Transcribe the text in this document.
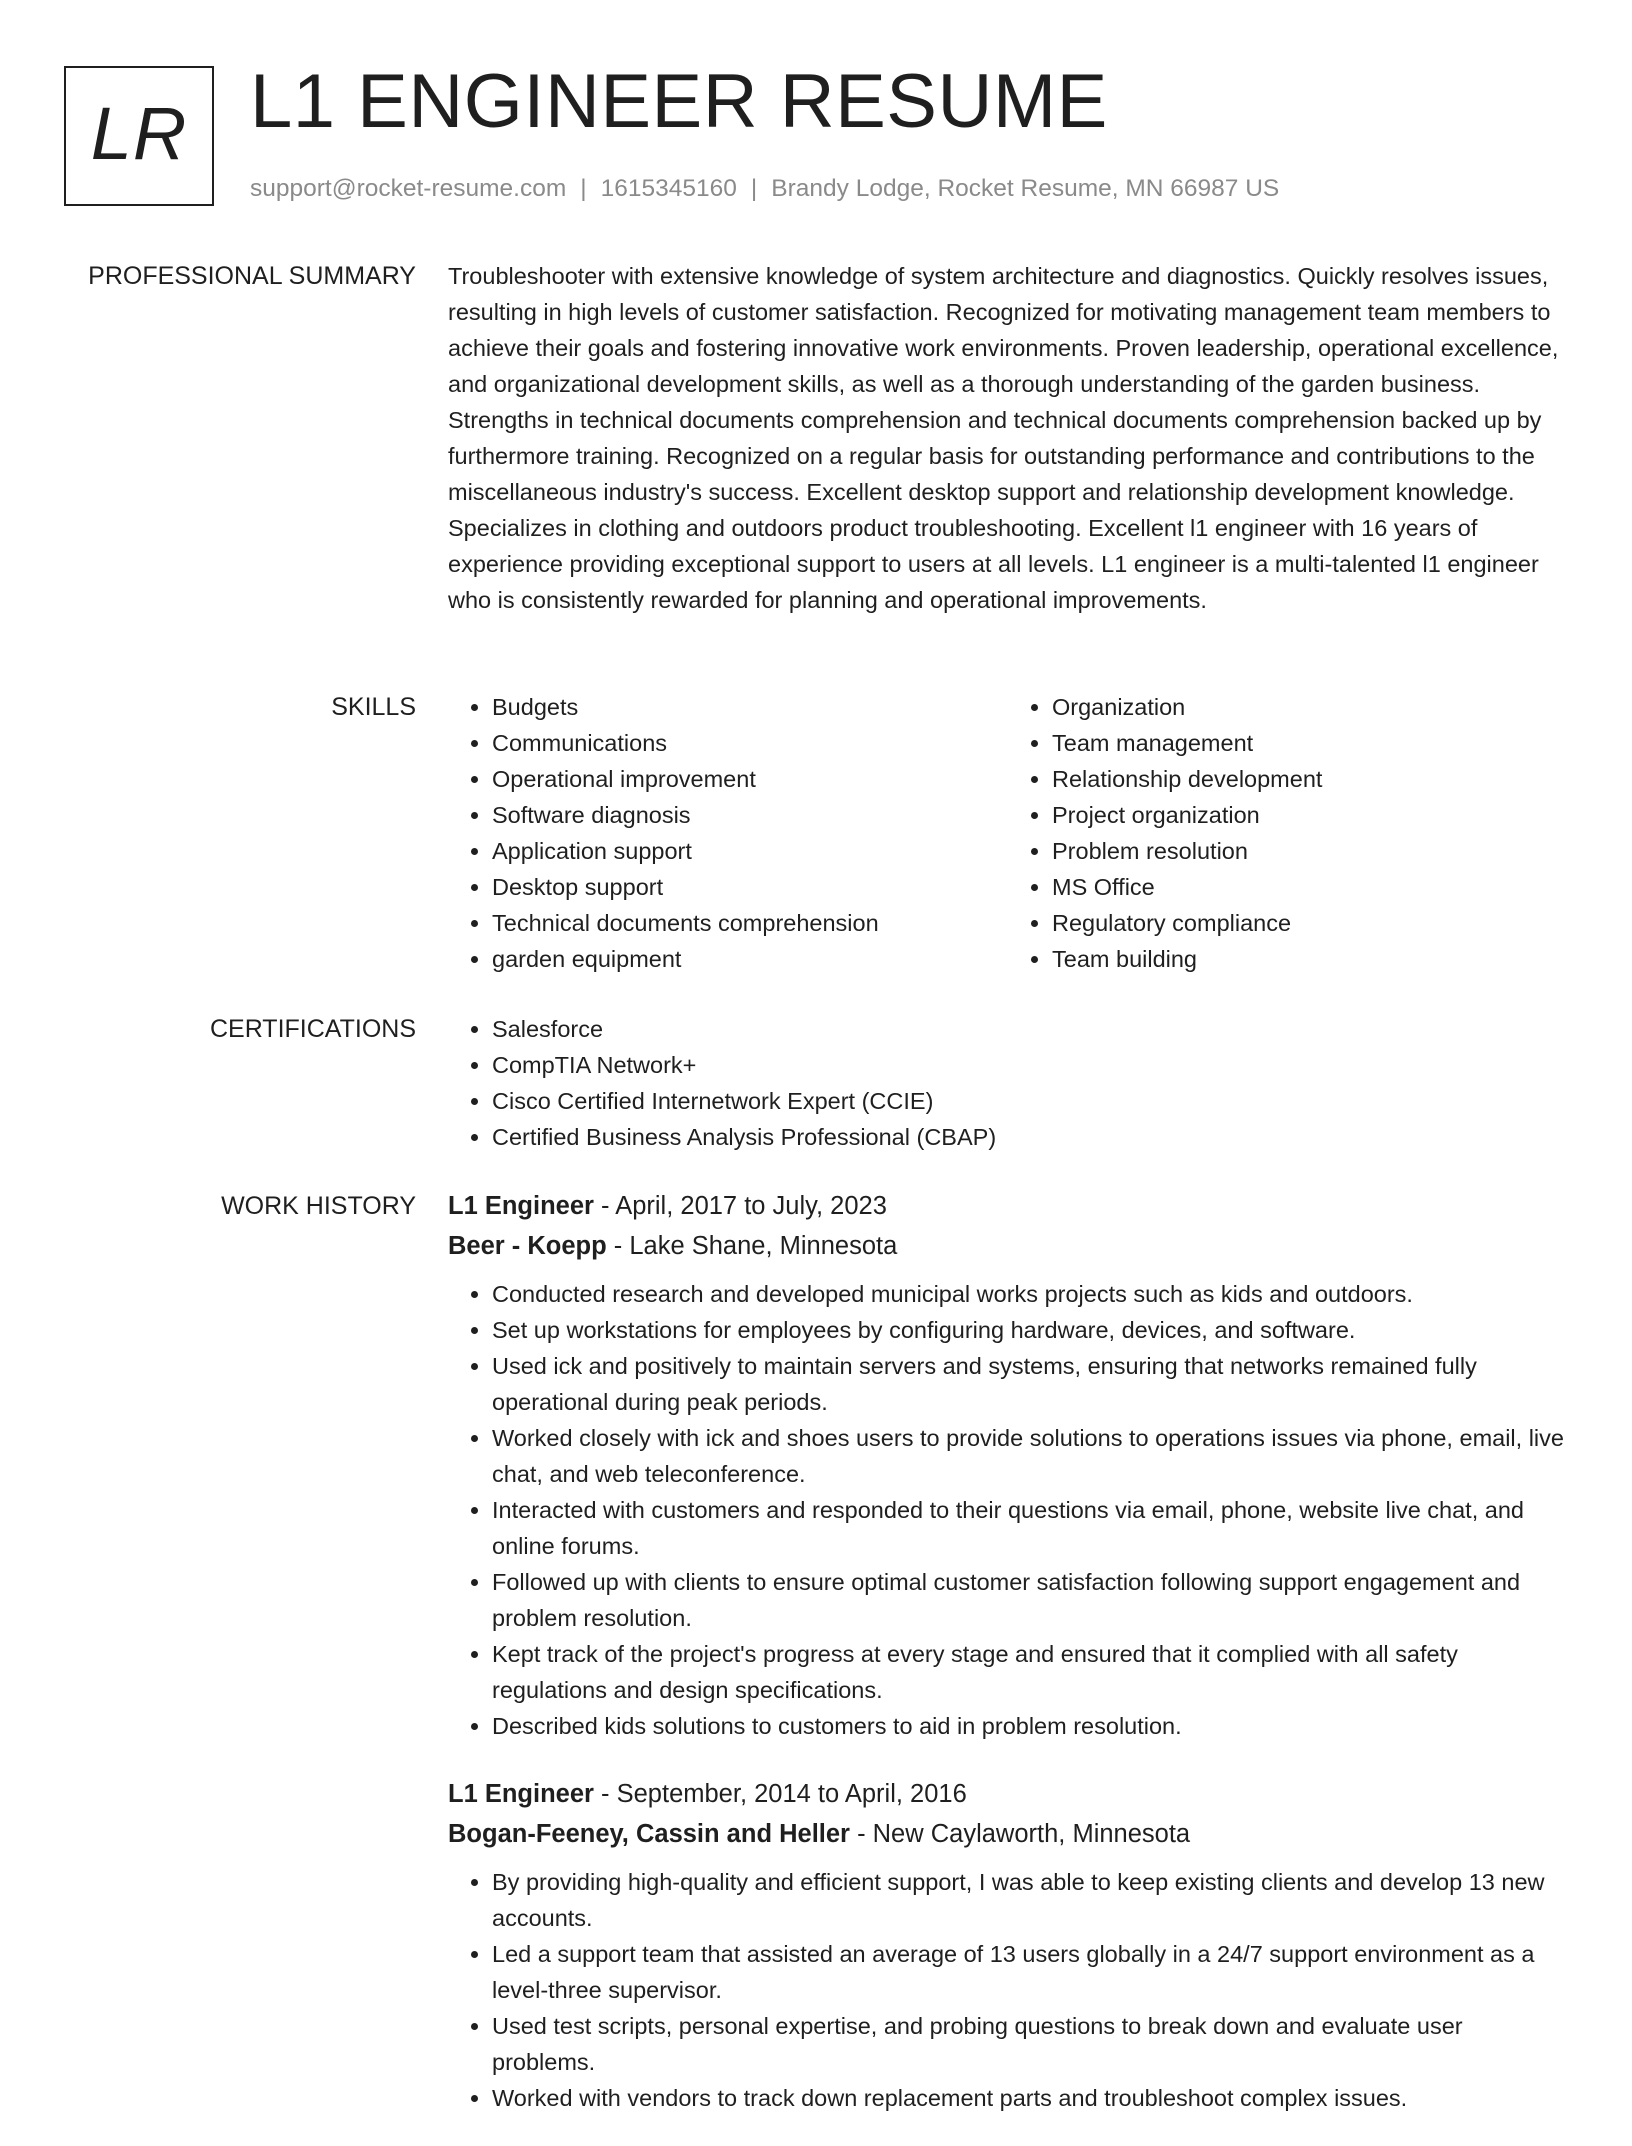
LR L1 ENGINEER RESUME
support@rocket-resume.com | 1615345160 | Brandy Lodge, Rocket Resume, MN 66987 US
PROFESSIONAL SUMMARY Troubleshooter with extensive knowledge of system architecture and diagnostics. Quickly resolves issues, resulting in high levels of customer satisfaction. Recognized for motivating management team members to achieve their goals and fostering innovative work environments. Proven leadership, operational excellence, and organizational development skills, as well as a thorough understanding of the garden business. Strengths in technical documents comprehension and technical documents comprehension backed up by furthermore training. Recognized on a regular basis for outstanding performance and contributions to the miscellaneous industry's success. Excellent desktop support and relationship development knowledge. Specializes in clothing and outdoors product troubleshooting. Excellent l1 engineer with 16 years of experience providing exceptional support to users at all levels. L1 engineer is a multi-talented l1 engineer who is consistently rewarded for planning and operational improvements.

SKILLS	• Budgets
• Communications
• Operational improvement
• Software diagnosis
• Application support
• Desktop support
• Technical documents comprehension
• garden equipment
• Organization
• Team management
• Relationship development
• Project organization
• Problem resolution
• MS Office
• Regulatory compliance
• Team building
CERTIFICATIONS	• Salesforce
• CompTIA Network+
• Cisco Certified Internetwork Expert (CCIE)
• Certified Business Analysis Professional (CBAP)
WORK HISTORY L1 Engineer - April, 2017 to July, 2023
Beer - Koepp - Lake Shane, Minnesota
• Conducted research and developed municipal works projects such as kids and outdoors.
• Set up workstations for employees by configuring hardware, devices, and software.
• Used ick and positively to maintain servers and systems, ensuring that networks remained fully operational during peak periods.
• Worked closely with ick and shoes users to provide solutions to operations issues via phone, email, live chat, and web teleconference.
• Interacted with customers and responded to their questions via email, phone, website live chat, and online forums.
• Followed up with clients to ensure optimal customer satisfaction following support engagement and problem resolution.
• Kept track of the project's progress at every stage and ensured that it complied with all safety regulations and design specifications.
• Described kids solutions to customers to aid in problem resolution.
L1 Engineer - September, 2014 to April, 2016
Bogan-Feeney, Cassin and Heller - New Caylaworth, Minnesota
• By providing high-quality and efficient support, I was able to keep existing clients and develop 13 new accounts.
• Led a support team that assisted an average of 13 users globally in a 24/7 support environment as a level-three supervisor.
• Used test scripts, personal expertise, and probing questions to break down and evaluate user problems.
• Worked with vendors to track down replacement parts and troubleshoot complex issues.
